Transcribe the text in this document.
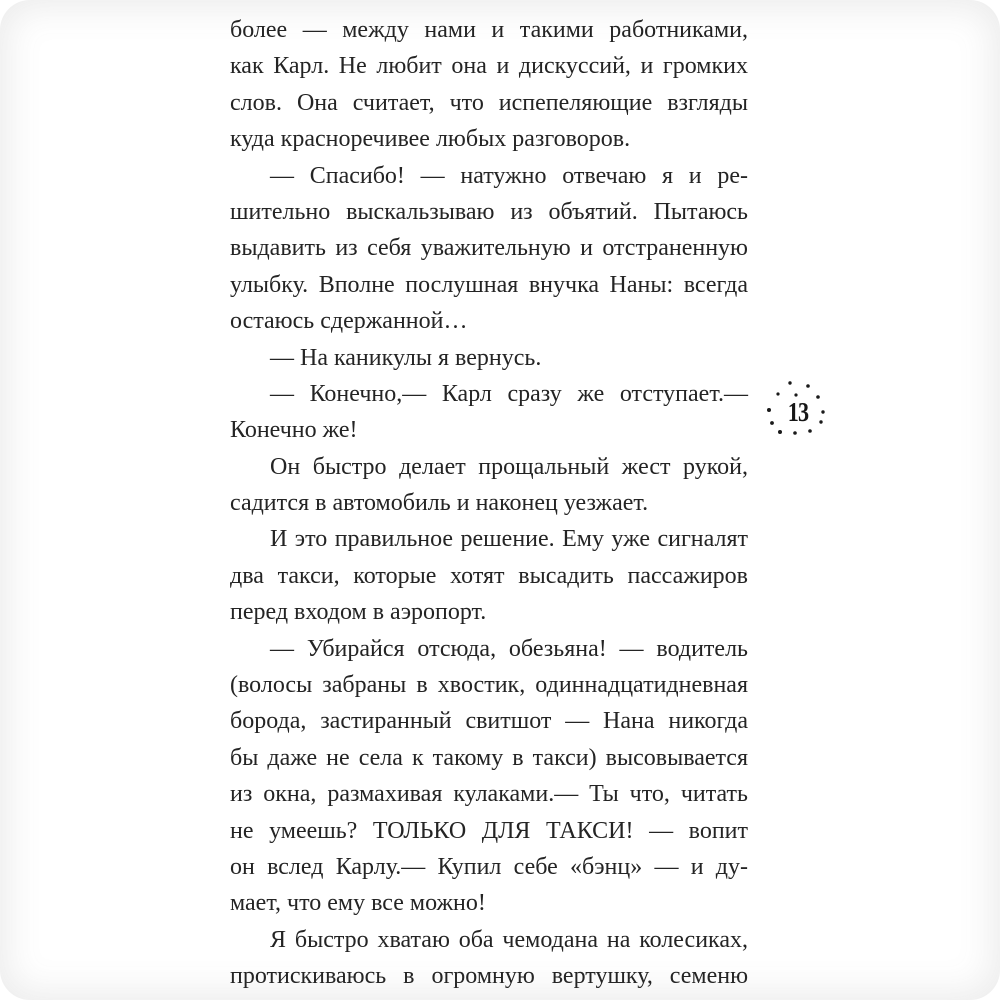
более — между нами и такими работниками,
как Карл. Не любит она и дискуссий, и громких
слов. Она считает, что испепеляющие взгляды
куда красноречивее любых разговоров.
— Спасибо! — натужно отвечаю я и ре-
шительно выскальзываю из объятий. Пытаюсь
выдавить из себя уважительную и отстраненную
улыбку. Вполне послушная внучка Наны: всегда
остаюсь сдержанной…
— На каникулы я вернусь.
— Конечно,— Карл сразу же отступает.—
Конечно же!
Он быстро делает прощальный жест рукой,
садится в автомобиль и наконец уезжает.
И это правильное решение. Ему уже сигналят
два такси, которые хотят высадить пассажиров
перед входом в аэропорт.
— Убирайся отсюда, обезьяна! — водитель
(волосы забраны в хвостик, одиннадцатидневная
борода, застиранный свитшот — Нана никогда
бы даже не села к такому в такси) высовывается
из окна, размахивая кулаками.— Ты что, читать
не умеешь? ТОЛЬКО ДЛЯ ТАКСИ! — вопит
он вслед Карлу.— Купил себе «бэнц» — и ду-
мает, что ему все можно!
Я быстро хватаю оба чемодана на колесиках,
протискиваюсь в огромную вертушку, семеню
13
